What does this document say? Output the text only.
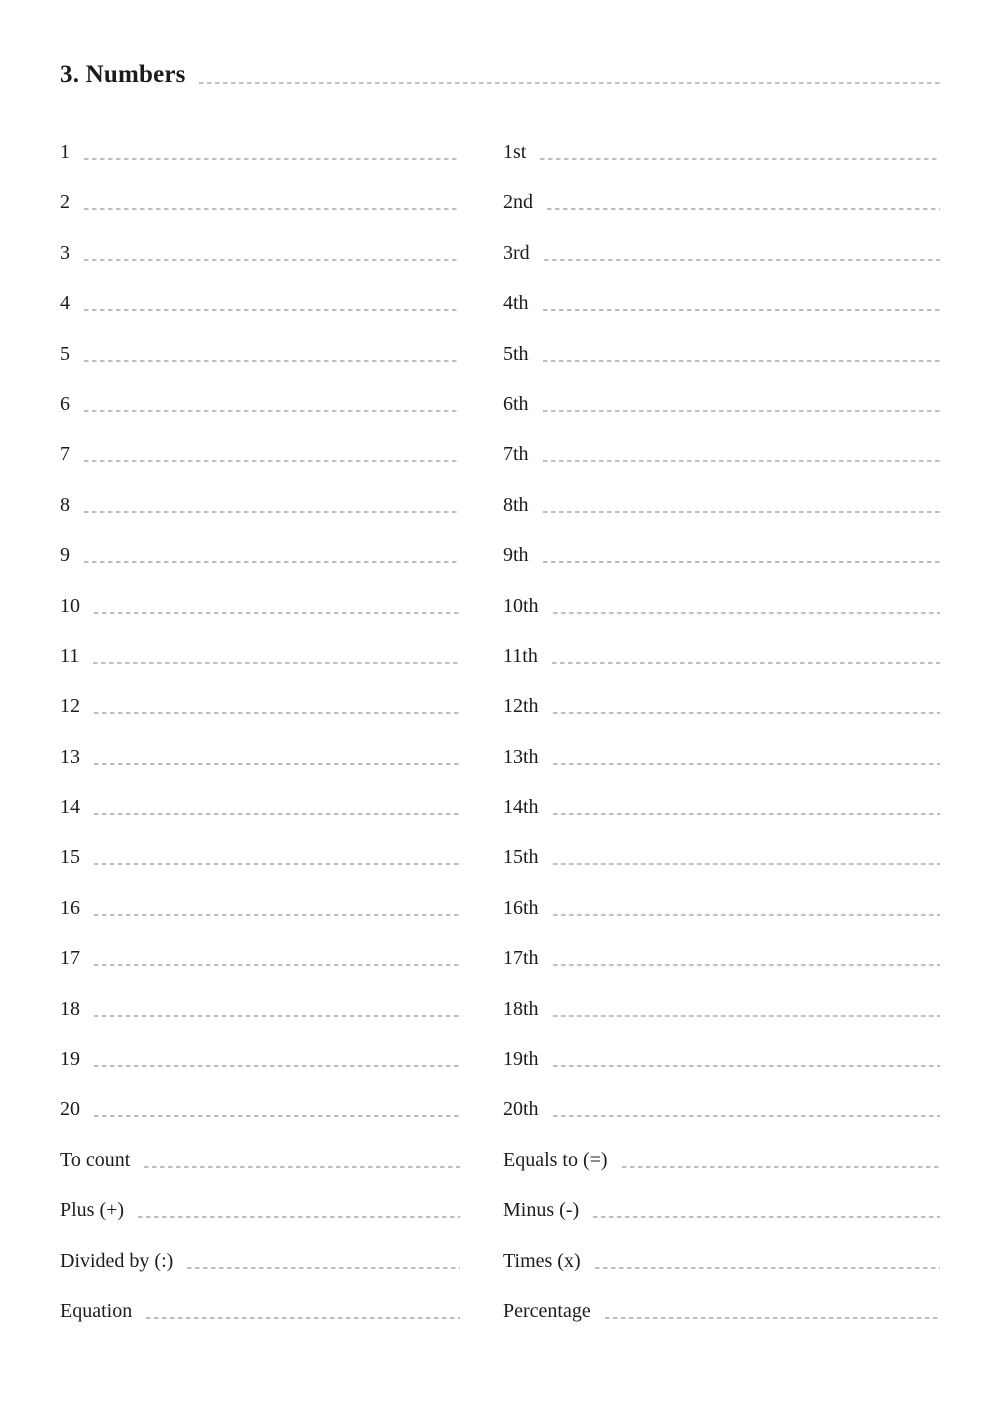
3. Numbers
1
2
3
4
5
6
7
8
9
10
11
12
13
14
15
16
17
18
19
20
To count
Plus (+)
Divided by (:)
Equation
1st
2nd
3rd
4th
5th
6th
7th
8th
9th
10th
11th
12th
13th
14th
15th
16th
17th
18th
19th
20th
Equals to (=)
Minus (-)
Times (x)
Percentage
